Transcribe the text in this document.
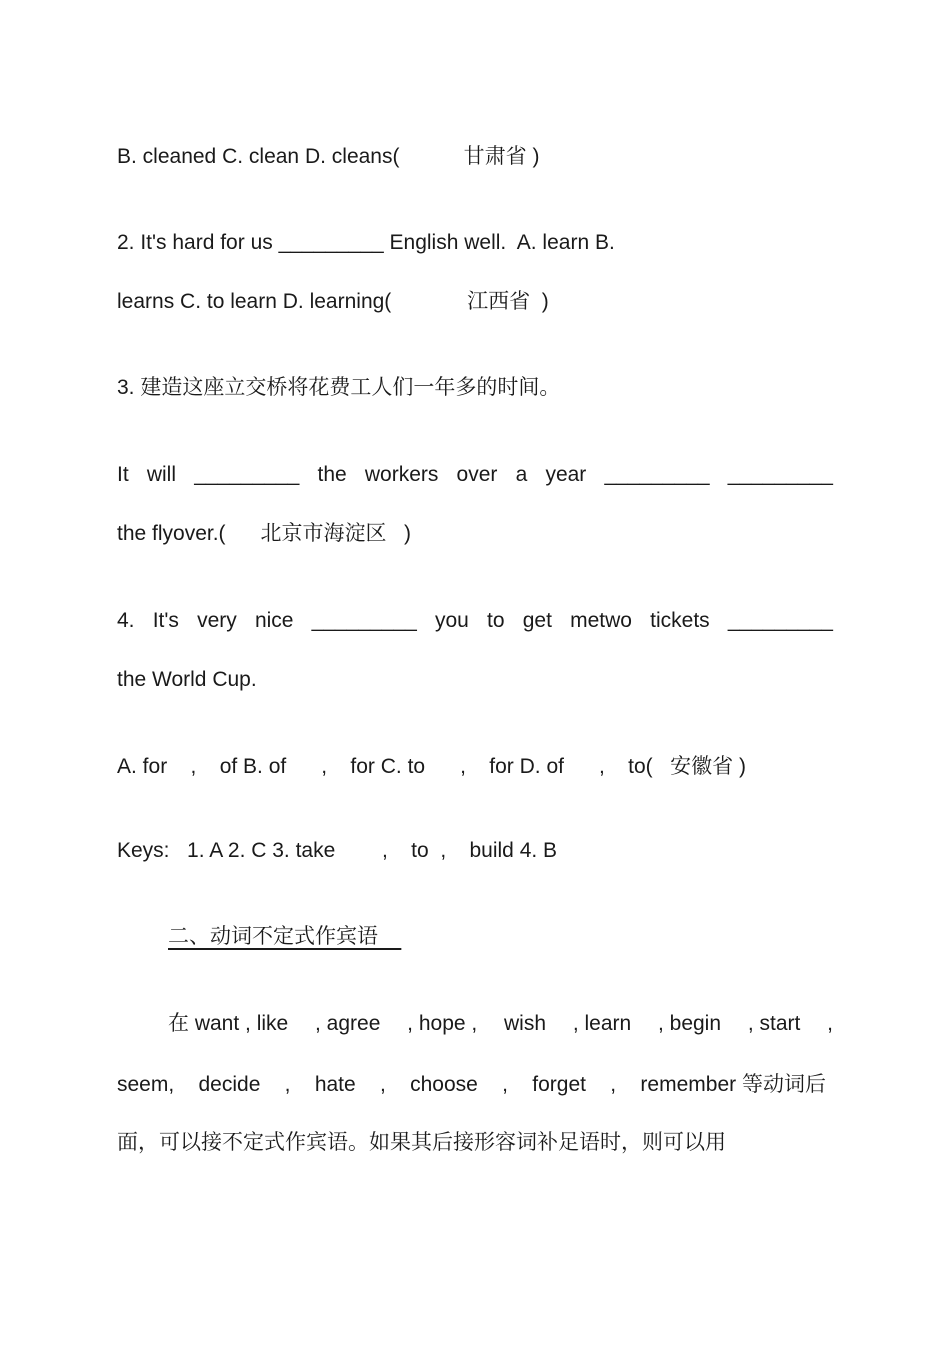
B. cleaned C. clean D. cleans(           甘肃省 )
2. It's hard for us _________ English well.  A. learn B.
learns C. to learn D. learning(             江西省  )
3. 建造这座立交桥将花费工人们一年多的时间。
It will _________ the workers over a year _________ _________
the flyover.(      北京市海淀区   )
4. It's very nice _________ you to get metwo tickets _________
the World Cup.
A. for    ,    of B. of      ,    for C. to      ,    for D. of      ,    to(   安徽省 )
Keys:   1. A 2. C 3. take        ,    to  ,    build 4. B
二、动词不定式作宾语
在 want , like , agree , hope , wish , learn , begin , start ,
seem, decide , hate , choose , forget , remember 等动词后
面，可以接不定式作宾语。如果其后接形容词补足语时，则可以用
